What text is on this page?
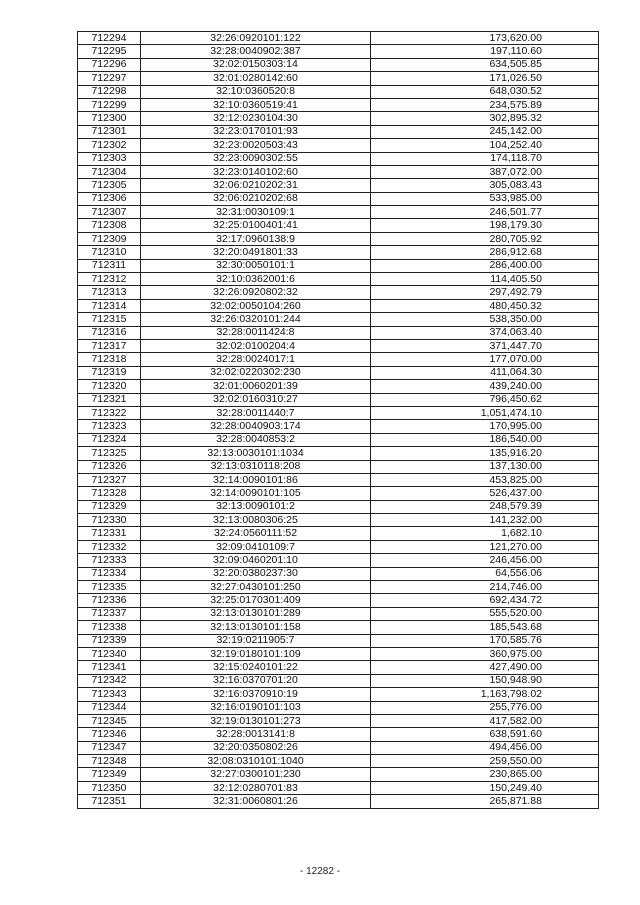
712294	32:26:0920101:122	173,620.00
712295	32:28:0040902:387	197,110.60
712296	32:02:0150303:14	634,505.85
712297	32:01:0280142:60	171,026.50
712298	32:10:0360520:8	648,030.52
712299	32:10:0360519:41	234,575.89
712300	32:12:0230104:30	302,895.32
712301	32:23:0170101:93	245,142.00
712302	32:23:0020503:43	104,252.40
712303	32:23:0090302:55	174,118.70
712304	32:23:0140102:60	387,072.00
712305	32:06:0210202:31	305,083.43
712306	32:06:0210202:68	533,985.00
712307	32:31:0030109:1	246,501.77
712308	32:25:0100401:41	198,179.30
712309	32:17:0960138:9	280,705.92
712310	32:20:0491801:33	286,912.68
712311	32:30:0050101:1	286,400.00
712312	32:10:0362001:6	114,405.50
712313	32:26:0920802:32	297,492.79
712314	32:02:0050104:260	480,450.32
712315	32:26:0320101:244	538,350.00
712316	32:28:0011424:8	374,063.40
712317	32:02:0100204:4	371,447.70
712318	32:28:0024017:1	177,070.00
712319	32:02:0220302:230	411,064.30
712320	32:01:0060201:39	439,240.00
712321	32:02:0160310:27	796,450.62
712322	32:28:0011440:7	1,051,474.10
712323	32:28:0040903:174	170,995.00
712324	32:28:0040853:2	186,540.00
712325	32:13:0030101:1034	135,916.20
712326	32:13:0310118:208	137,130.00
712327	32:14:0090101:86	453,825.00
712328	32:14:0090101:105	526,437.00
712329	32:13:0090101:2	248,579.39
712330	32:13:0080306:25	141,232.00
712331	32:24:0560111:52	1,682.10
712332	32:09:0410109:7	121,270.00
712333	32:09:0460201:10	246,456.00
712334	32:20:0380237:30	64,556.06
712335	32:27:0430101:250	214,746.00
712336	32:25:0170301:409	692,434.72
712337	32:13:0130101:289	555,520.00
712338	32:13:0130101:158	185,543.68
712339	32:19:0211905:7	170,585.76
712340	32:19:0180101:109	360,975.00
712341	32:15:0240101:22	427,490.00
712342	32:16:0370701:20	150,948.90
712343	32:16:0370910:19	1,163,798.02
712344	32:16:0190101:103	255,776.00
712345	32:19:0130101:273	417,582.00
712346	32:28:0013141:8	638,591.60
712347	32:20:0350802:26	494,456.00
712348	32:08:0310101:1040	259,550.00
712349	32:27:0300101:230	230,865.00
712350	32:12:0280701:83	150,249.40
712351	32:31:0060801:26	265,871.88
- 12282 -
